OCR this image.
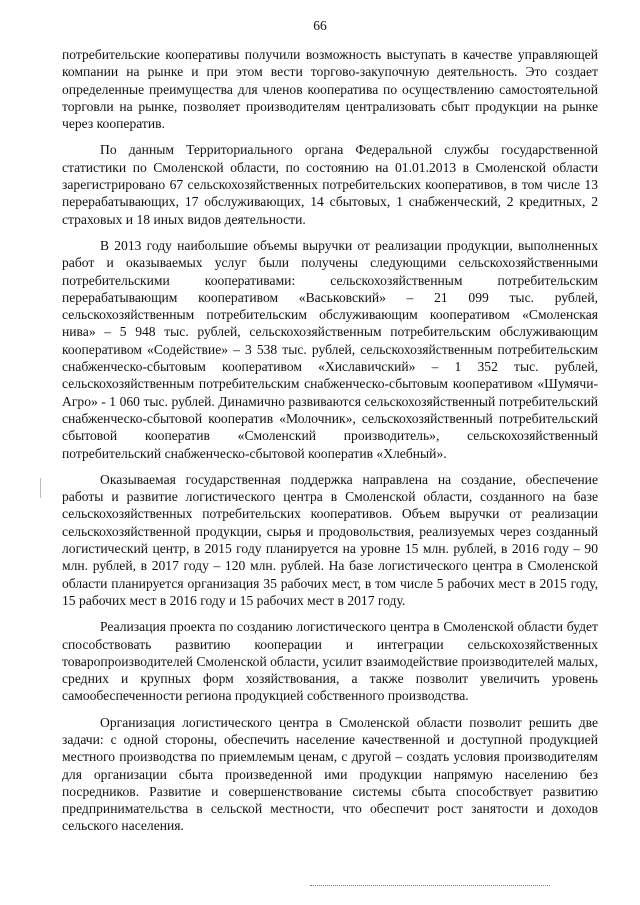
66

потребительские кооперативы получили возможность выступать в качестве управляющей компании на рынке и при этом вести торгово-закупочную деятельность. Это создает определенные преимущества для членов кооператива по осуществлению самостоятельной торговли на рынке, позволяет производителям централизовать сбыт продукции на рынке через кооператив.

По данным Территориального органа Федеральной службы государственной статистики по Смоленской области, по состоянию на 01.01.2013 в Смоленской области зарегистрировано 67 сельскохозяйственных потребительских кооперативов, в том числе 13 перерабатывающих, 17 обслуживающих, 14 сбытовых, 1 снабженческий, 2 кредитных, 2 страховых и 18 иных видов деятельности.

В 2013 году наибольшие объемы выручки от реализации продукции, выполненных работ и оказываемых услуг были получены следующими сельскохозяйственными потребительскими кооперативами: сельскохозяйственным потребительским перерабатывающим кооперативом «Васьковский» – 21 099 тыс. рублей, сельскохозяйственным потребительским обслуживающим кооперативом «Смоленская нива» – 5 948 тыс. рублей, сельскохозяйственным потребительским обслуживающим кооперативом «Содействие» – 3 538 тыс. рублей, сельскохозяйственным потребительским снабженческо-сбытовым кооперативом «Хиславичский» – 1 352 тыс. рублей, сельскохозяйственным потребительским снабженческо-сбытовым кооперативом «Шумячи-Агро» - 1 060 тыс. рублей. Динамично развиваются сельскохозяйственный потребительский снабженческо-сбытовой кооператив «Молочник», сельскохозяйственный потребительский сбытовой кооператив «Смоленский производитель», сельскохозяйственный потребительский снабженческо-сбытовой кооператив «Хлебный».

Оказываемая государственная поддержка направлена на создание, обеспечение работы и развитие логистического центра в Смоленской области, созданного на базе сельскохозяйственных потребительских кооперативов. Объем выручки от реализации сельскохозяйственной продукции, сырья и продовольствия, реализуемых через созданный логистический центр, в 2015 году планируется на уровне 15 млн. рублей, в 2016 году – 90 млн. рублей, в 2017 году – 120 млн. рублей. На базе логистического центра в Смоленской области планируется организация 35 рабочих мест, в том числе 5 рабочих мест в 2015 году, 15 рабочих мест в 2016 году и 15 рабочих мест в 2017 году.

Реализация проекта по созданию логистического центра в Смоленской области будет способствовать развитию кооперации и интеграции сельскохозяйственных товаропроизводителей Смоленской области, усилит взаимодействие производителей малых, средних и крупных форм хозяйствования, а также позволит увеличить уровень самообеспеченности региона продукцией собственного производства.

Организация логистического центра в Смоленской области позволит решить две задачи: с одной стороны, обеспечить население качественной и доступной продукцией местного производства по приемлемым ценам, с другой – создать условия производителям для организации сбыта произведенной ими продукции напрямую населению без посредников. Развитие и совершенствование системы сбыта способствует развитию предпринимательства в сельской местности, что обеспечит рост занятости и доходов сельского населения.
